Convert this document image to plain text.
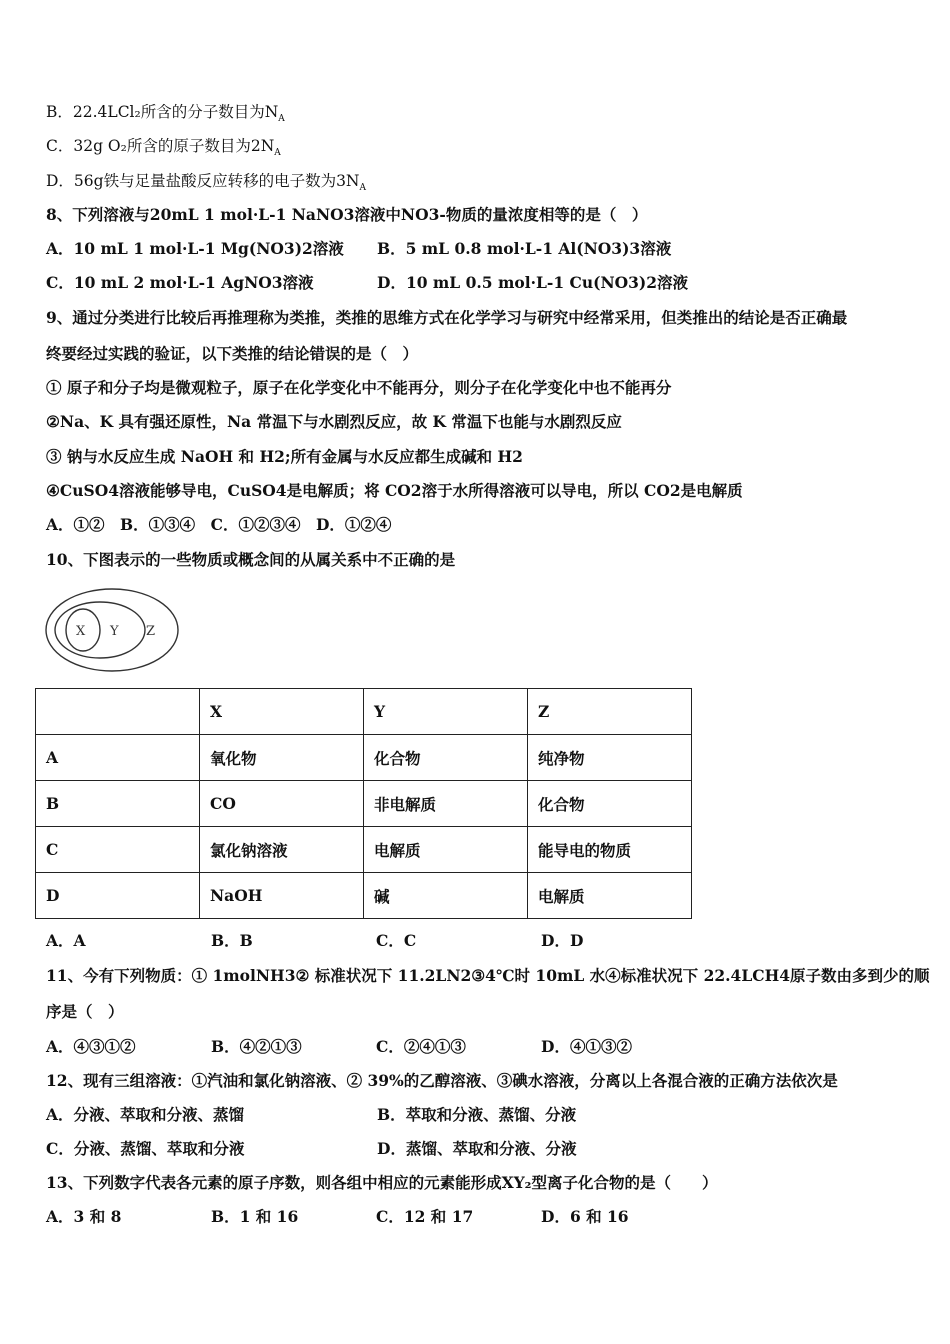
B．22.4LCl₂所含的分子数目为$N_A$
C．32g O₂所含的原子数目为$2N_A$
D．56g铁与足量盐酸反应转移的电子数为$3N_A$
8、下列溶液与20mL 1 mol·L-1 NaNO3溶液中NO3-物质的量浓度相等的是（　）
A．10 mL 1 mol·L-1 Mg(NO3)2溶液 B．5 mL 0.8 mol·L-1 Al(NO3)3溶液
C．10 mL 2 mol·L-1 AgNO3溶液	D．10 mL 0.5 mol·L-1 Cu(NO3)2溶液
9、通过分类进行比较后再推理称为类推，类推的思维方式在化学学习与研究中经常采用，但类推出的结论是否正确最
终要经过实践的验证，以下类推的结论错误的是（　）
① 原子和分子均是微观粒子，原子在化学变化中不能再分，则分子在化学变化中也不能再分
②Na、K 具有强还原性，Na 常温下与水剧烈反应，故 K 常温下也能与水剧烈反应
③ 钠与水反应生成 NaOH 和 H2;所有金属与水反应都生成碱和 H2
④CuSO4溶液能够导电，CuSO4是电解质；将 CO2溶于水所得溶液可以导电，所以 CO2是电解质
A．①②　B．①③④　C．①②③④　D．①②④
10、下图表示的一些物质或概念间的从属关系中不正确的是
X Y Z
	X	Y	Z
A	氧化物	化合物	纯净物
B	CO	非电解质	化合物
C	氯化钠溶液	电解质	能导电的物质
D	NaOH	碱	电解质
A．A	B．B	C．C	D．D
11、今有下列物质：① 1molNH3② 标准状况下 11.2LN2③4℃时 10mL 水④标准状况下 22.4LCH4原子数由多到少的顺
序是（　）
A．④③①②	B．④②①③	C．②④①③	D．④①③②
12、现有三组溶液：①汽油和氯化钠溶液、② 39%的乙醇溶液、③碘水溶液，分离以上各混合液的正确方法依次是
A．分液、萃取和分液、蒸馏	B．萃取和分液、蒸馏、分液
C．分液、蒸馏、萃取和分液	D．蒸馏、萃取和分液、分液
13、下列数字代表各元素的原子序数，则各组中相应的元素能形成XY₂型离子化合物的是（　　）
A．3 和 8	B．1 和 16	C．12 和 17	D．6 和 16
